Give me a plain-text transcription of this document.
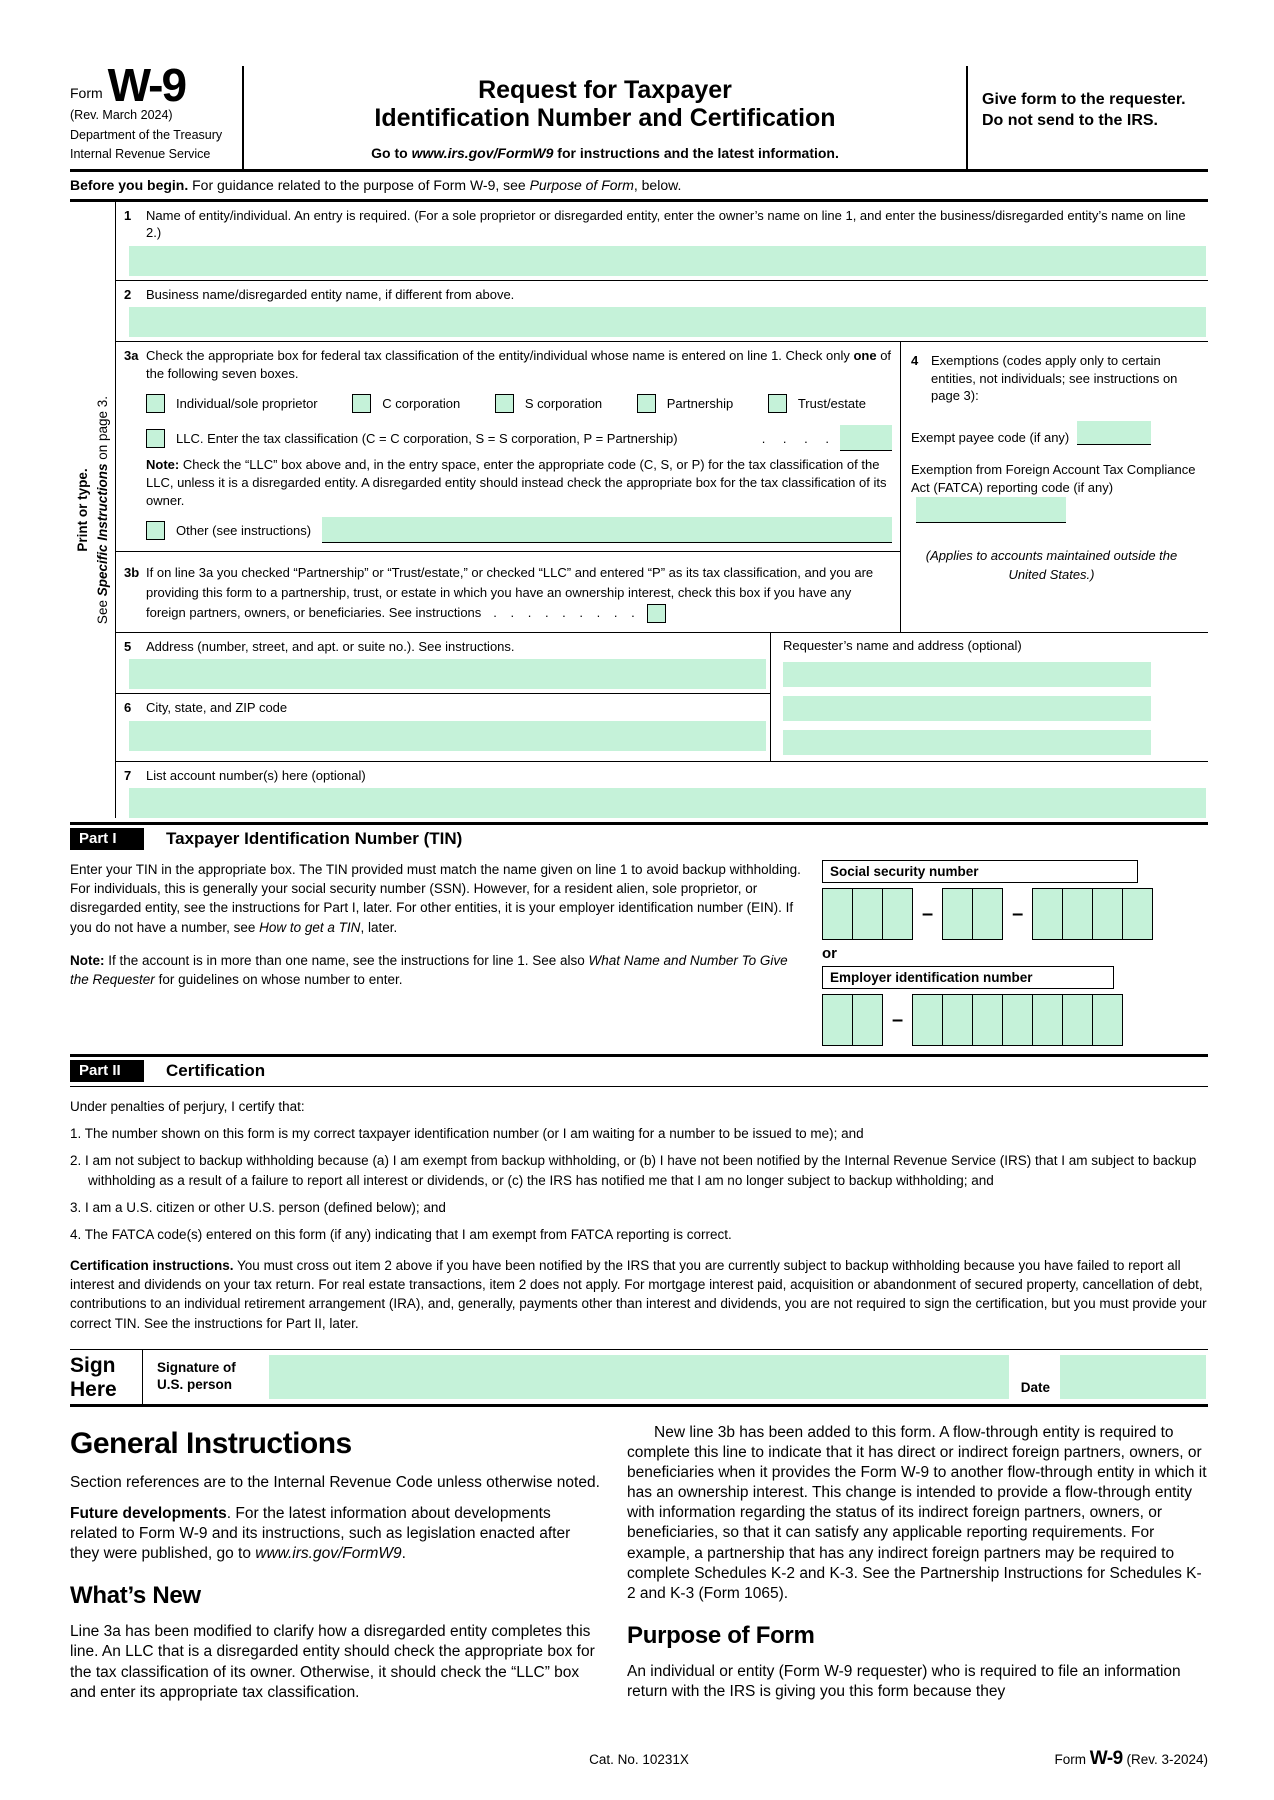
Form W-9
(Rev. March 2024)
Department of the Treasury
Internal Revenue Service
Request for Taxpayer
Identification Number and Certification
Go to www.irs.gov/FormW9 for instructions and the latest information.
Give form to the requester. Do not send to the IRS.
Before you begin. For guidance related to the purpose of Form W-9, see Purpose of Form, below.
Print or type.
See Specific Instructions on page 3.
1 Name of entity/individual. An entry is required. (For a sole proprietor or disregarded entity, enter the owner’s name on line 1, and enter the business/disregarded entity’s name on line 2.)
2 Business name/disregarded entity name, if different from above.
3a Check the appropriate box for federal tax classification of the entity/individual whose name is entered on line 1. Check only one of the following seven boxes.
Individual/sole proprietor	C corporation	S corporation	Partnership	Trust/estate
LLC. Enter the tax classification (C = C corporation, S = S corporation, P = Partnership)	. . . .
Note: Check the “LLC” box above and, in the entry space, enter the appropriate code (C, S, or P) for the tax classification of the LLC, unless it is a disregarded entity. A disregarded entity should instead check the appropriate box for the tax classification of its owner.
Other (see instructions)
3b If on line 3a you checked “Partnership” or “Trust/estate,” or checked “LLC” and entered “P” as its tax classification, and you are providing this form to a partnership, trust, or estate in which you have an ownership interest, check this box if you have any foreign partners, owners, or beneficiaries. See instructions . . . . . . . . .
4 Exemptions (codes apply only to certain entities, not individuals; see instructions on page 3):
Exempt payee code (if any)
Exemption from Foreign Account Tax Compliance Act (FATCA) reporting code (if any)
(Applies to accounts maintained outside the United States.)
5 Address (number, street, and apt. or suite no.). See instructions.
6 City, state, and ZIP code
Requester’s name and address (optional)
7 List account number(s) here (optional)
Part I	Taxpayer Identification Number (TIN)

Enter your TIN in the appropriate box. The TIN provided must match the name given on line 1 to avoid backup withholding. For individuals, this is generally your social security number (SSN). However, for a resident alien, sole proprietor, or disregarded entity, see the instructions for Part I, later. For other entities, it is your employer identification number (EIN). If you do not have a number, see How to get a TIN, later.

Note: If the account is in more than one name, see the instructions for line 1. See also What Name and Number To Give the Requester for guidelines on whose number to enter.

Social security number
–	–
or
Employer identification number
–
Part II	Certification
Under penalties of perjury, I certify that:
1. The number shown on this form is my correct taxpayer identification number (or I am waiting for a number to be issued to me); and
2. I am not subject to backup withholding because (a) I am exempt from backup withholding, or (b) I have not been notified by the Internal Revenue Service (IRS) that I am subject to backup withholding as a result of a failure to report all interest or dividends, or (c) the IRS has notified me that I am no longer subject to backup withholding; and
3. I am a U.S. citizen or other U.S. person (defined below); and
4. The FATCA code(s) entered on this form (if any) indicating that I am exempt from FATCA reporting is correct.
Certification instructions. You must cross out item 2 above if you have been notified by the IRS that you are currently subject to backup withholding because you have failed to report all interest and dividends on your tax return. For real estate transactions, item 2 does not apply. For mortgage interest paid, acquisition or abandonment of secured property, cancellation of debt, contributions to an individual retirement arrangement (IRA), and, generally, payments other than interest and dividends, you are not required to sign the certification, but you must provide your correct TIN. See the instructions for Part II, later.
Sign Here
Signature of U.S. person	Date
General Instructions

Section references are to the Internal Revenue Code unless otherwise noted.

Future developments. For the latest information about developments related to Form W-9 and its instructions, such as legislation enacted after they were published, go to www.irs.gov/FormW9.

What’s New

Line 3a has been modified to clarify how a disregarded entity completes this line. An LLC that is a disregarded entity should check the appropriate box for the tax classification of its owner. Otherwise, it should check the “LLC” box and enter its appropriate tax classification.

New line 3b has been added to this form. A flow-through entity is required to complete this line to indicate that it has direct or indirect foreign partners, owners, or beneficiaries when it provides the Form W-9 to another flow-through entity in which it has an ownership interest. This change is intended to provide a flow-through entity with information regarding the status of its indirect foreign partners, owners, or beneficiaries, so that it can satisfy any applicable reporting requirements. For example, a partnership that has any indirect foreign partners may be required to complete Schedules K-2 and K-3. See the Partnership Instructions for Schedules K-2 and K-3 (Form 1065).

Purpose of Form

An individual or entity (Form W-9 requester) who is required to file an information return with the IRS is giving you this form because they

Cat. No. 10231X	Form W-9 (Rev. 3-2024)
